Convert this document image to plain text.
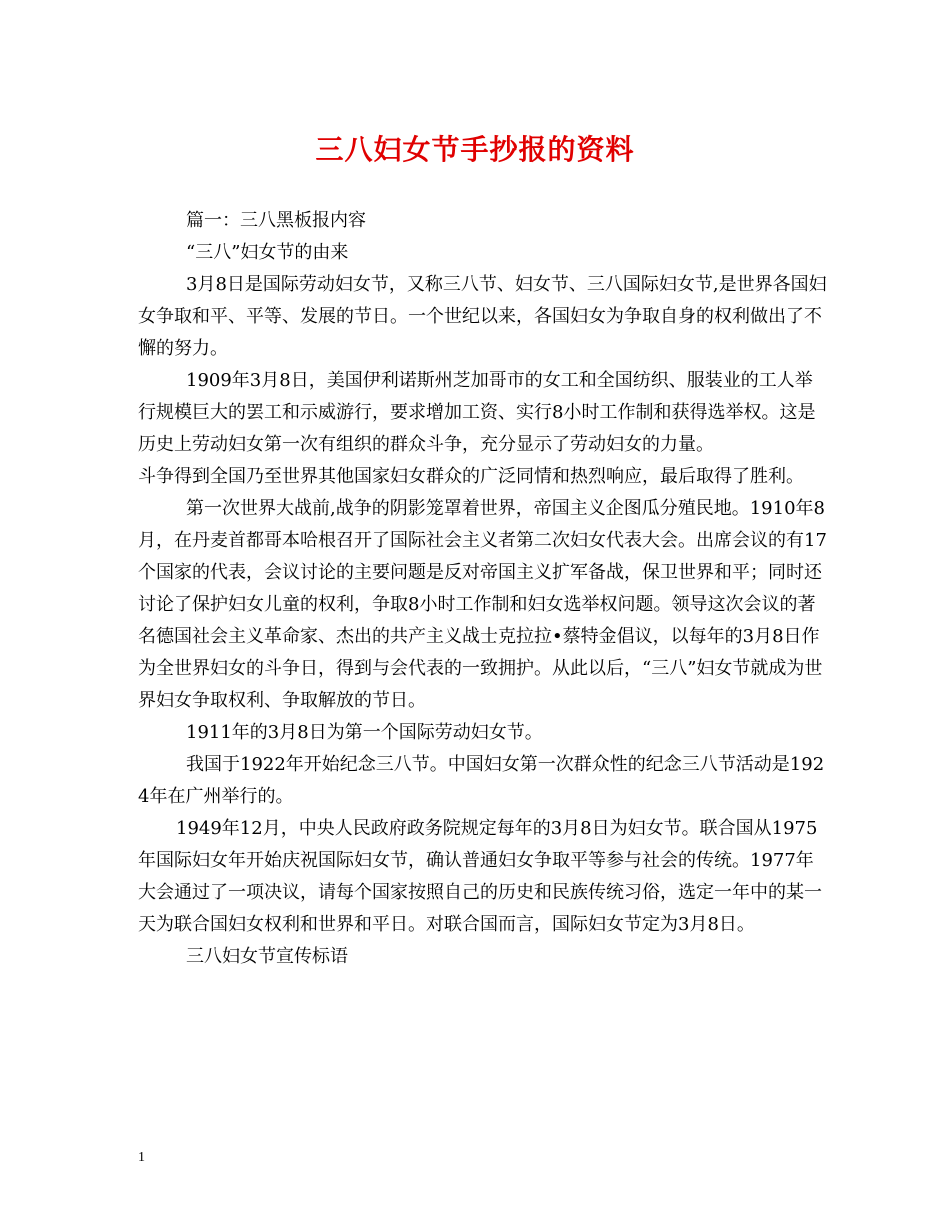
三八妇女节手抄报的资料

篇一：三八黑板报内容

“三八”妇女节的由来

3月8日是国际劳动妇女节，又称三八节、妇女节、三八国际妇女节,是世界各国妇女争取和平、平等、发展的节日。一个世纪以来，各国妇女为争取自身的权利做出了不懈的努力。

1909年3月8日，美国伊利诺斯州芝加哥市的女工和全国纺织、服装业的工人举行规模巨大的罢工和示威游行，要求增加工资、实行8小时工作制和获得选举权。这是历史上劳动妇女第一次有组织的群众斗争，充分显示了劳动妇女的力量。

斗争得到全国乃至世界其他国家妇女群众的广泛同情和热烈响应，最后取得了胜利。

第一次世界大战前,战争的阴影笼罩着世界，帝国主义企图瓜分殖民地。1910年8月，在丹麦首都哥本哈根召开了国际社会主义者第二次妇女代表大会。出席会议的有17个国家的代表，会议讨论的主要问题是反对帝国主义扩军备战，保卫世界和平；同时还讨论了保护妇女儿童的权利，争取8小时工作制和妇女选举权问题。领导这次会议的著名德国社会主义革命家、杰出的共产主义战士克拉拉•蔡特金倡议，以每年的3月8日作为全世界妇女的斗争日，得到与会代表的一致拥护。从此以后，“三八”妇女节就成为世界妇女争取权利、争取解放的节日。

1911年的3月8日为第一个国际劳动妇女节。

我国于1922年开始纪念三八节。中国妇女第一次群众性的纪念三八节活动是1924年在广州举行的。

1949年12月，中央人民政府政务院规定每年的3月8日为妇女节。联合国从1975年国际妇女年开始庆祝国际妇女节，确认普通妇女争取平等参与社会的传统。1977年大会通过了一项决议，请每个国家按照自己的历史和民族传统习俗，选定一年中的某一天为联合国妇女权利和世界和平日。对联合国而言，国际妇女节定为3月8日。

三八妇女节宣传标语

1
